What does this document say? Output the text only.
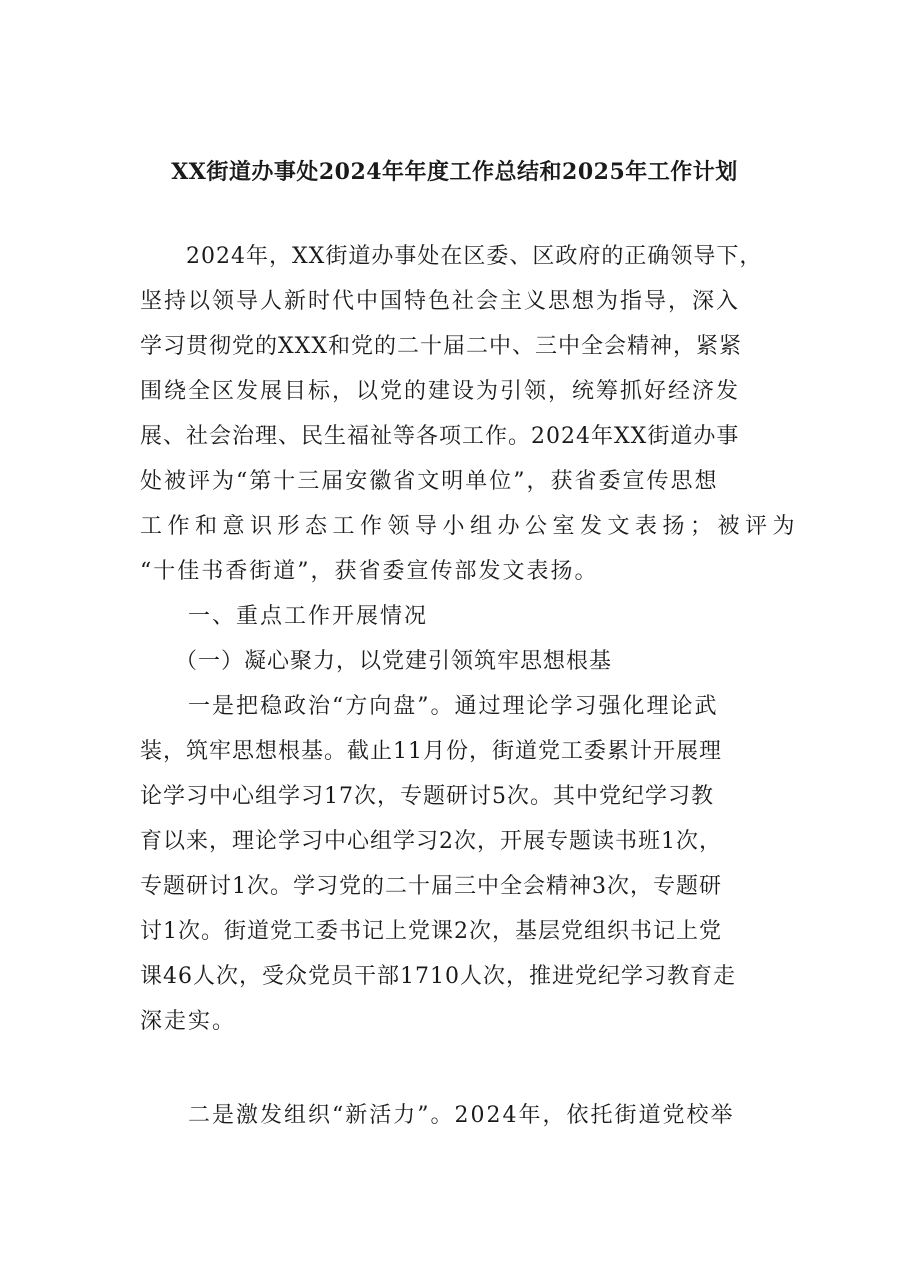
XX街道办事处2024年年度工作总结和2025年工作计划
　　2024年，XX街道办事处在区委、区政府的正确领导下，
坚持以领导人新时代中国特色社会主义思想为指导，深入
学习贯彻党的XXX和党的二十届二中、三中全会精神，紧紧
围绕全区发展目标，以党的建设为引领，统筹抓好经济发
展、社会治理、民生福祉等各项工作。2024年XX街道办事
处被评为“第十三届安徽省文明单位”，获省委宣传思想
工作和意识形态工作领导小组办公室发文表扬；被评为
“十佳书香街道”，获省委宣传部发文表扬。
　　一、重点工作开展情况
　　（一）凝心聚力，以党建引领筑牢思想根基
　　一是把稳政治“方向盘”。通过理论学习强化理论武
装，筑牢思想根基。截止11月份，街道党工委累计开展理
论学习中心组学习17次，专题研讨5次。其中党纪学习教
育以来，理论学习中心组学习2次，开展专题读书班1次，
专题研讨1次。学习党的二十届三中全会精神3次，专题研
讨1次。街道党工委书记上党课2次，基层党组织书记上党
课46人次，受众党员干部1710人次，推进党纪学习教育走
深走实。
　　二是激发组织“新活力”。2024年，依托街道党校举
